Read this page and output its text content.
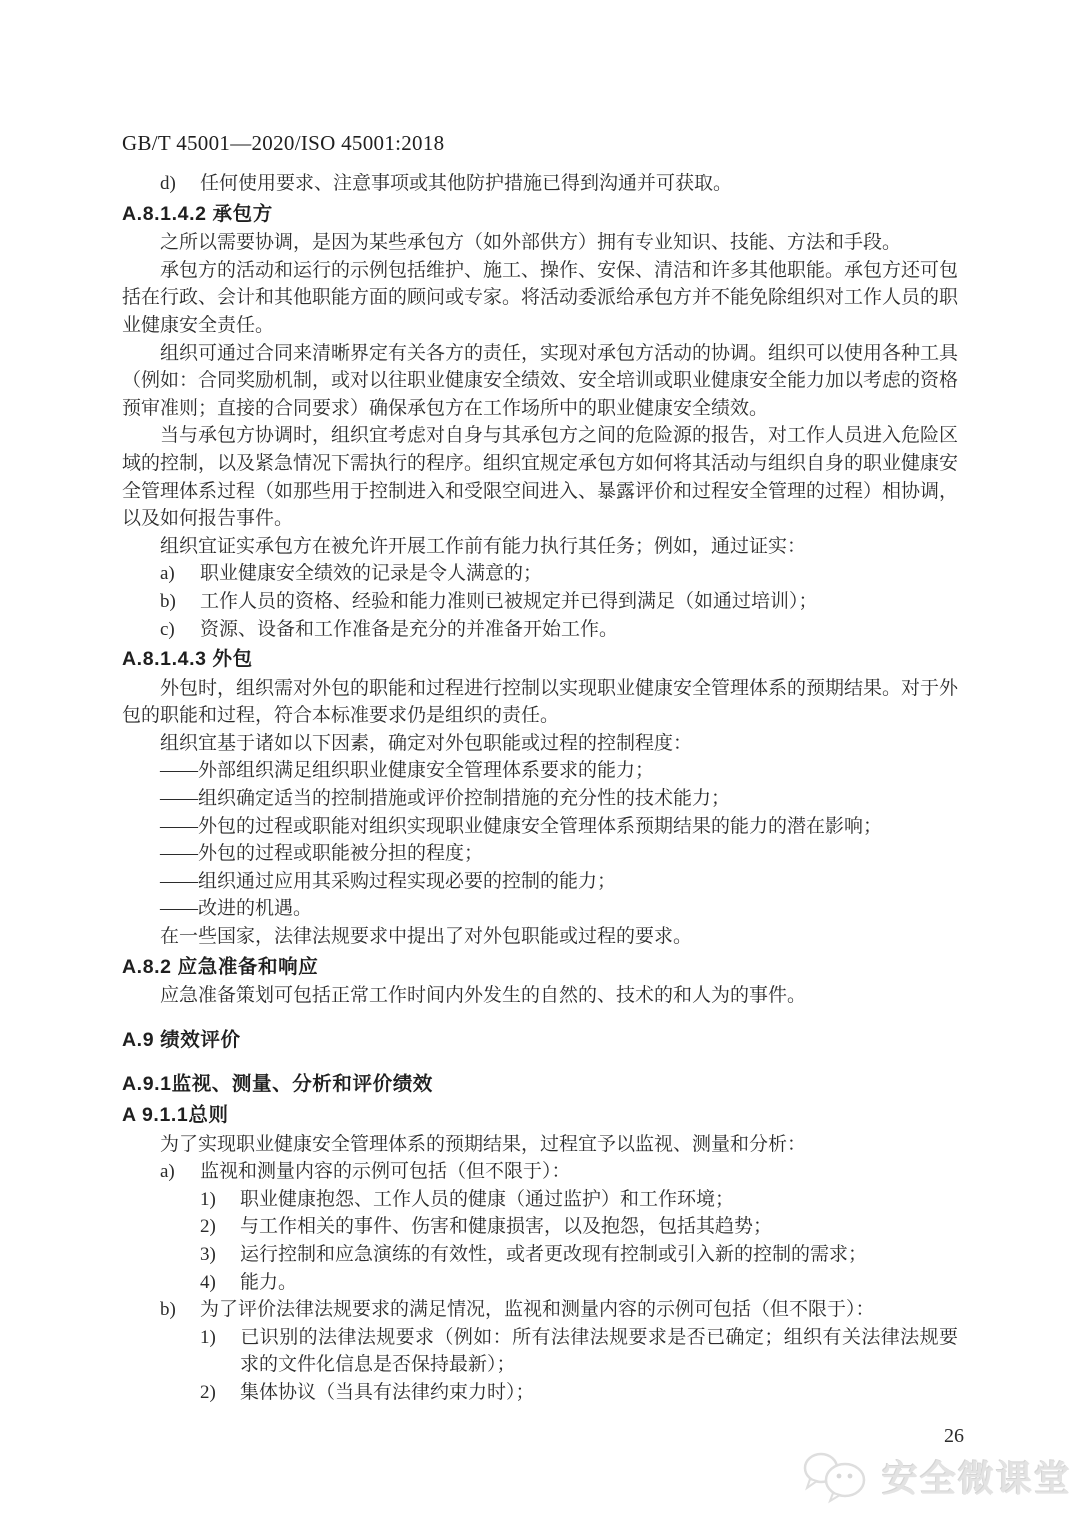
GB/T 45001—2020/ISO 45001:2018
d) 任何使用要求、注意事项或其他防护措施已得到沟通并可获取。
A.8.1.4.2 承包方
之所以需要协调，是因为某些承包方（如外部供方）拥有专业知识、技能、方法和手段。
承包方的活动和运行的示例包括维护、施工、操作、安保、清洁和许多其他职能。承包方还可包括在行政、会计和其他职能方面的顾问或专家。将活动委派给承包方并不能免除组织对工作人员的职业健康安全责任。
组织可通过合同来清晰界定有关各方的责任，实现对承包方活动的协调。组织可以使用各种工具（例如：合同奖励机制，或对以往职业健康安全绩效、安全培训或职业健康安全能力加以考虑的资格预审准则；直接的合同要求）确保承包方在工作场所中的职业健康安全绩效。
当与承包方协调时，组织宜考虑对自身与其承包方之间的危险源的报告，对工作人员进入危险区域的控制，以及紧急情况下需执行的程序。组织宜规定承包方如何将其活动与组织自身的职业健康安全管理体系过程（如那些用于控制进入和受限空间进入、暴露评价和过程安全管理的过程）相协调，以及如何报告事件。
组织宜证实承包方在被允许开展工作前有能力执行其任务；例如，通过证实：
a) 职业健康安全绩效的记录是令人满意的；
b) 工作人员的资格、经验和能力准则已被规定并已得到满足（如通过培训）；
c) 资源、设备和工作准备是充分的并准备开始工作。
A.8.1.4.3 外包
外包时，组织需对外包的职能和过程进行控制以实现职业健康安全管理体系的预期结果。对于外包的职能和过程，符合本标准要求仍是组织的责任。
组织宜基于诸如以下因素，确定对外包职能或过程的控制程度：
——外部组织满足组织职业健康安全管理体系要求的能力；
——组织确定适当的控制措施或评价控制措施的充分性的技术能力；
——外包的过程或职能对组织实现职业健康安全管理体系预期结果的能力的潜在影响；
——外包的过程或职能被分担的程度；
——组织通过应用其采购过程实现必要的控制的能力；
——改进的机遇。
在一些国家，法律法规要求中提出了对外包职能或过程的要求。
A.8.2 应急准备和响应
应急准备策划可包括正常工作时间内外发生的自然的、技术的和人为的事件。
A.9 绩效评价
A.9.1监视、测量、分析和评价绩效
A 9.1.1总则
为了实现职业健康安全管理体系的预期结果，过程宜予以监视、测量和分析：
a) 监视和测量内容的示例可包括（但不限于）：
1) 职业健康抱怨、工作人员的健康（通过监护）和工作环境；
2) 与工作相关的事件、伤害和健康损害，以及抱怨，包括其趋势；
3) 运行控制和应急演练的有效性，或者更改现有控制或引入新的控制的需求；
4) 能力。
b) 为了评价法律法规要求的满足情况，监视和测量内容的示例可包括（但不限于）：
1) 已识别的法律法规要求（例如：所有法律法规要求是否已确定；组织有关法律法规要求的文件化信息是否保持最新）；
2) 集体协议（当具有法律约束力时）；
26
安全微课堂
